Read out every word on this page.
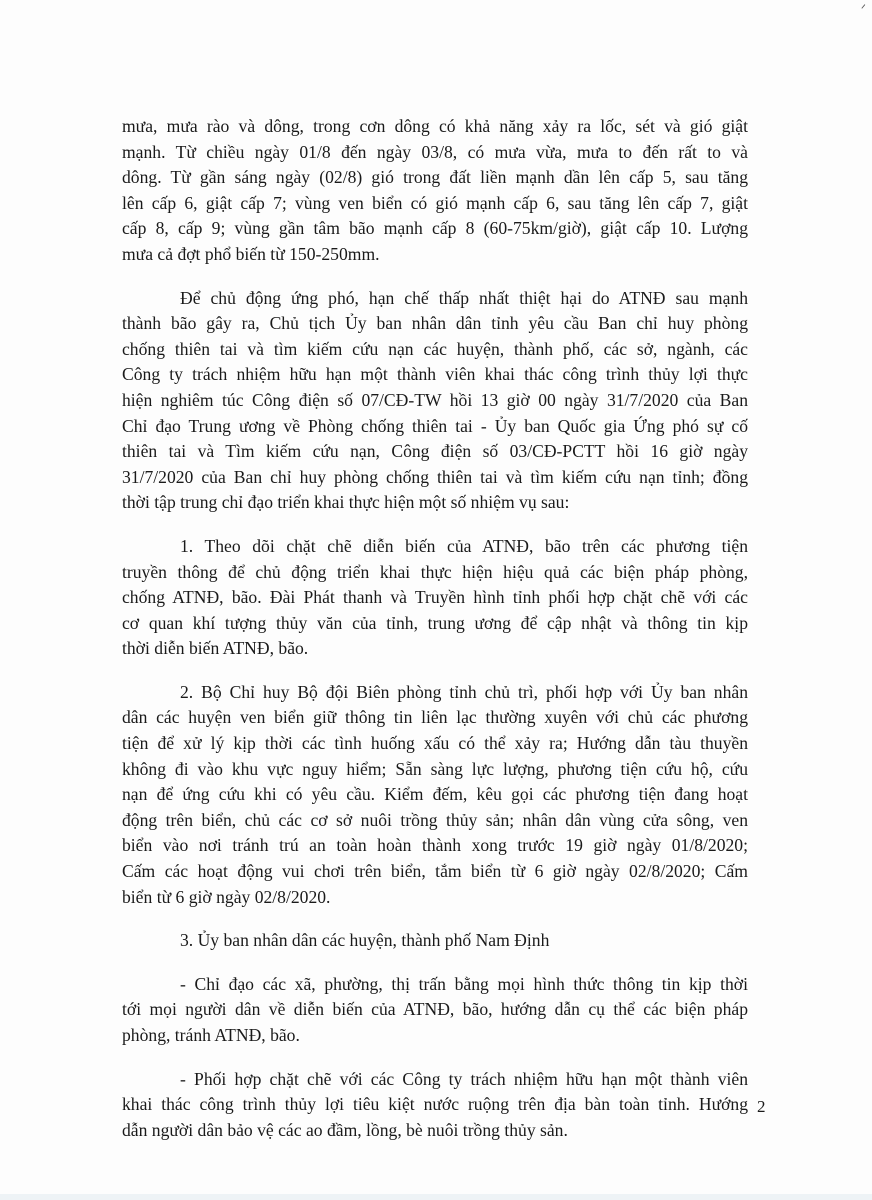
ᐟ

mưa, mưa rào và dông, trong cơn dông có khả năng xảy ra lốc, sét và gió giật
mạnh. Từ chiều ngày 01/8 đến ngày 03/8, có mưa vừa, mưa to đến rất to và
dông. Từ gần sáng ngày (02/8) gió trong đất liền mạnh dần lên cấp 5, sau tăng
lên cấp 6, giật cấp 7; vùng ven biển có gió mạnh cấp 6, sau tăng lên cấp 7, giật
cấp 8, cấp 9; vùng gần tâm bão mạnh cấp 8 (60-75km/giờ), giật cấp 10. Lượng
mưa cả đợt phổ biến từ 150-250mm.

Để chủ động ứng phó, hạn chế thấp nhất thiệt hại do ATNĐ sau mạnh
thành bão gây ra, Chủ tịch Ủy ban nhân dân tỉnh yêu cầu Ban chỉ huy phòng
chống thiên tai và tìm kiếm cứu nạn các huyện, thành phố, các sở, ngành, các
Công ty trách nhiệm hữu hạn một thành viên khai thác công trình thủy lợi thực
hiện nghiêm túc Công điện số 07/CĐ-TW hồi 13 giờ 00 ngày 31/7/2020 của Ban
Chỉ đạo Trung ương về Phòng chống thiên tai - Ủy ban Quốc gia Ứng phó sự cố
thiên tai và Tìm kiếm cứu nạn, Công điện số 03/CĐ-PCTT hồi 16 giờ ngày
31/7/2020 của Ban chỉ huy phòng chống thiên tai và tìm kiếm cứu nạn tỉnh; đồng
thời tập trung chỉ đạo triển khai thực hiện một số nhiệm vụ sau:

1. Theo dõi chặt chẽ diễn biến của ATNĐ, bão trên các phương tiện
truyền thông để chủ động triển khai thực hiện hiệu quả các biện pháp phòng,
chống ATNĐ, bão. Đài Phát thanh và Truyền hình tỉnh phối hợp chặt chẽ với các
cơ quan khí tượng thủy văn của tỉnh, trung ương để cập nhật và thông tin kịp
thời diễn biến ATNĐ, bão.

2. Bộ Chỉ huy Bộ đội Biên phòng tỉnh chủ trì, phối hợp với Ủy ban nhân
dân các huyện ven biển giữ thông tin liên lạc thường xuyên với chủ các phương
tiện để xử lý kịp thời các tình huống xấu có thể xảy ra; Hướng dẫn tàu thuyền
không đi vào khu vực nguy hiểm; Sẵn sàng lực lượng, phương tiện cứu hộ, cứu
nạn để ứng cứu khi có yêu cầu. Kiểm đếm, kêu gọi các phương tiện đang hoạt
động trên biển, chủ các cơ sở nuôi trồng thủy sản; nhân dân vùng cửa sông, ven
biển vào nơi tránh trú an toàn hoàn thành xong trước 19 giờ ngày 01/8/2020;
Cấm các hoạt động vui chơi trên biển, tắm biển từ 6 giờ ngày 02/8/2020; Cấm
biển từ 6 giờ ngày 02/8/2020.

3. Ủy ban nhân dân các huyện, thành phố Nam Định

- Chỉ đạo các xã, phường, thị trấn bằng mọi hình thức thông tin kịp thời
tới mọi người dân về diễn biến của ATNĐ, bão, hướng dẫn cụ thể các biện pháp
phòng, tránh ATNĐ, bão.

- Phối hợp chặt chẽ với các Công ty trách nhiệm hữu hạn một thành viên
khai thác công trình thủy lợi tiêu kiệt nước ruộng trên địa bàn toàn tỉnh. Hướng
dẫn người dân bảo vệ các ao đầm, lồng, bè nuôi trồng thủy sản.

2
